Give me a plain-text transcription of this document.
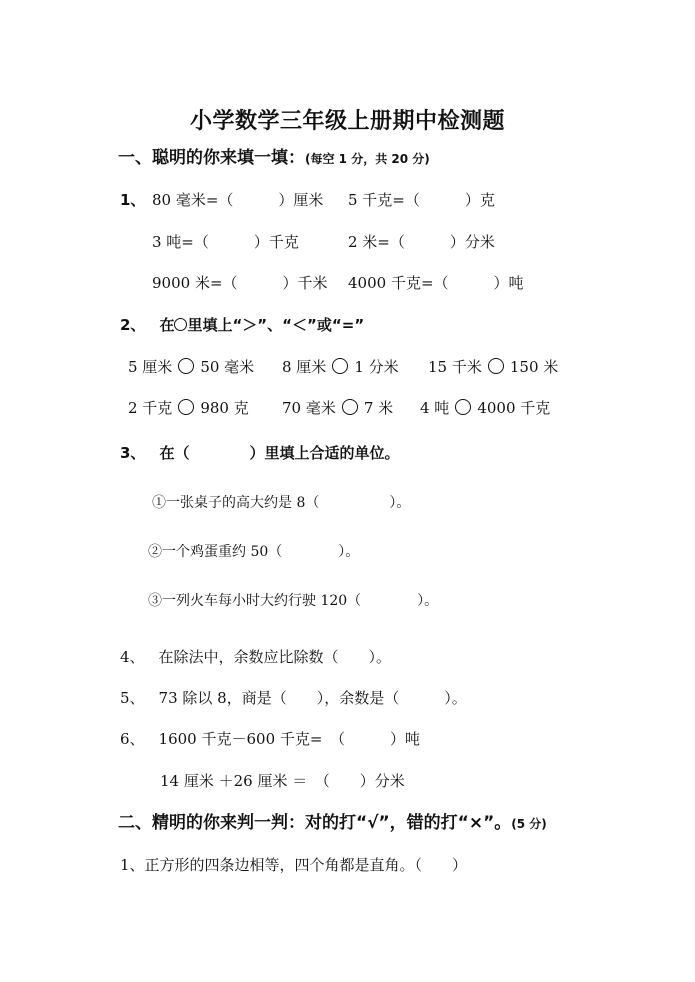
小学数学三年级上册期中检测题
一、聪明的你来填一填：(每空 1 分，共 20 分)
1、 80 毫米=（　　　）厘米 5 千克=（　　　）克
3 吨=（　　　）千克	2 米=（　　　）分米
9000 米=（　　　）千米 4000 千克=（　　　）吨
2、 在 里填上“＞”、“＜”或“=”
5 厘米 50 毫米 8 厘米 1 分米 15 千米 150 米
2 千克 980 克 70 毫米 7 米 4 吨 4000 千克
3、 在（　　　　）里填上合适的单位。
①一张桌子的高大约是 8（　　　　　）。
②一个鸡蛋重约 50（　　　　）。
③一列火车每小时大约行驶 120（　　　　）。
4、 在除法中，余数应比除数（　　）。
5、 73 除以 8，商是（　　），余数是（　　　）。
6、 1600 千克－600 千克=　（　　　）吨
14 厘米 ＋26 厘米 ＝　（　　）分米
二、精明的你来判一判：对的打“√”，错的打“×”。(5 分)
1、正方形的四条边相等，四个角都是直角。（　　）
